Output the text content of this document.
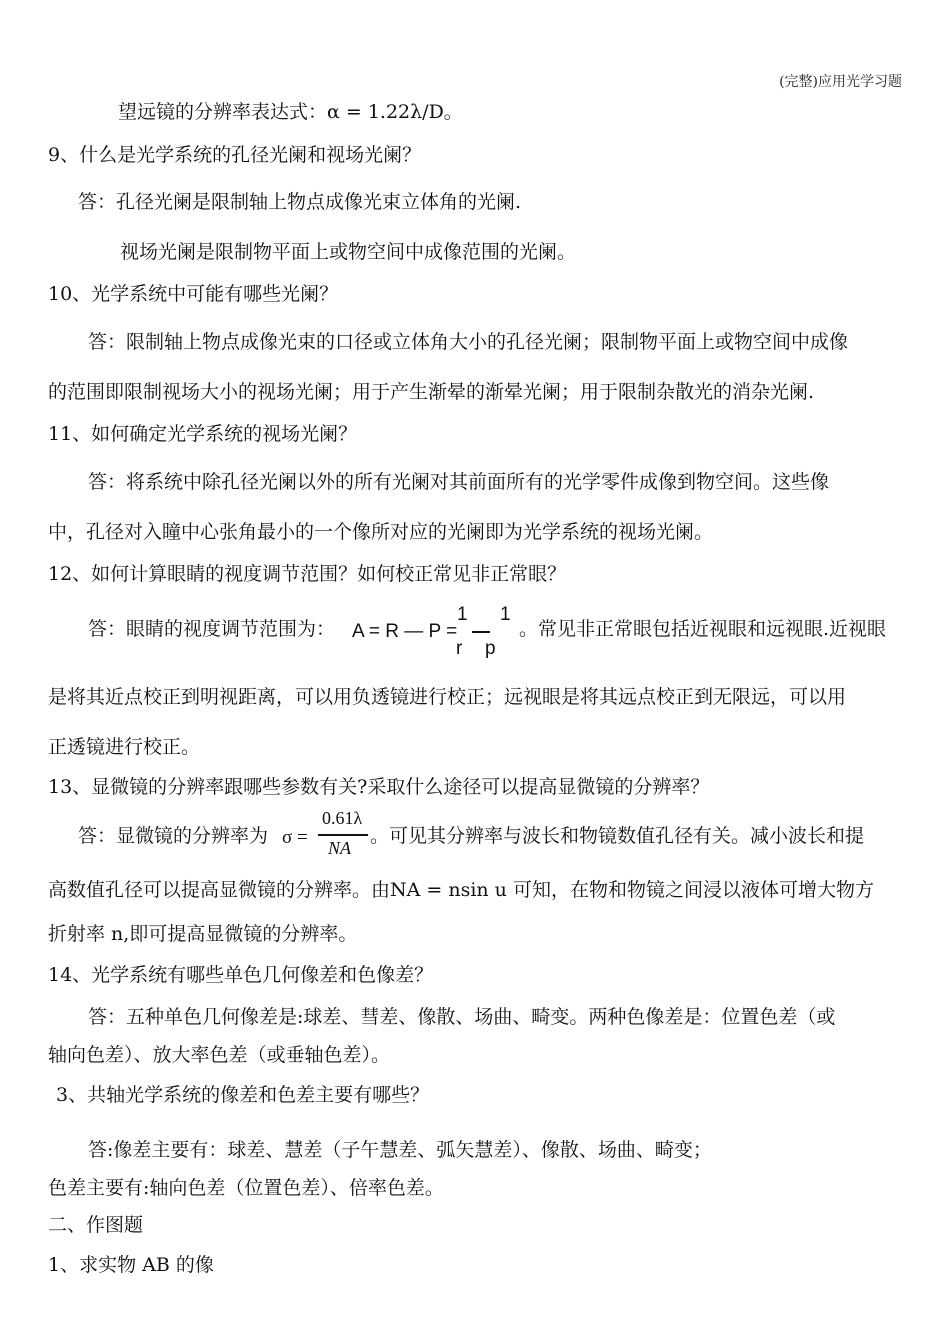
(完整)应用光学习题
望远镜的分辨率表达式：α = 1.22λ/D。
9、什么是光学系统的孔径光阑和视场光阑？
答：孔径光阑是限制轴上物点成像光束立体角的光阑.
视场光阑是限制物平面上或物空间中成像范围的光阑。
10、光学系统中可能有哪些光阑？
答：限制轴上物点成像光束的口径或立体角大小的孔径光阑；限制物平面上或物空间中成像
的范围即限制视场大小的视场光阑；用于产生渐晕的渐晕光阑；用于限制杂散光的消杂光阑.
11、如何确定光学系统的视场光阑？
答：将系统中除孔径光阑以外的所有光阑对其前面所有的光学零件成像到物空间。这些像
中，孔径对入瞳中心张角最小的一个像所对应的光阑即为光学系统的视场光阑。
12、如何计算眼睛的视度调节范围？如何校正常见非正常眼？
答：眼睛的视度调节范围为： A = R — P =
1
r
1
p
。常见非正常眼包括近视眼和远视眼.近视眼
是将其近点校正到明视距离，可以用负透镜进行校正；远视眼是将其远点校正到无限远，可以用
正透镜进行校正。
13、显微镜的分辨率跟哪些参数有关?采取什么途径可以提高显微镜的分辨率？
答：显微镜的分辨率为 σ =
0.61λ
NA
。可见其分辨率与波长和物镜数值孔径有关。减小波长和提
高数值孔径可以提高显微镜的分辨率。由NA = nsin u 可知，在物和物镜之间浸以液体可增大物方
折射率 n,即可提高显微镜的分辨率。
14、光学系统有哪些单色几何像差和色像差？
答：五种单色几何像差是:球差、彗差、像散、场曲、畸变。两种色像差是：位置色差（或
轴向色差）、放大率色差（或垂轴色差）。
3、共轴光学系统的像差和色差主要有哪些？
答:像差主要有：球差、慧差（子午慧差、弧矢慧差）、像散、场曲、畸变；
色差主要有:轴向色差（位置色差）、倍率色差。
二、作图题
1、求实物 AB 的像
